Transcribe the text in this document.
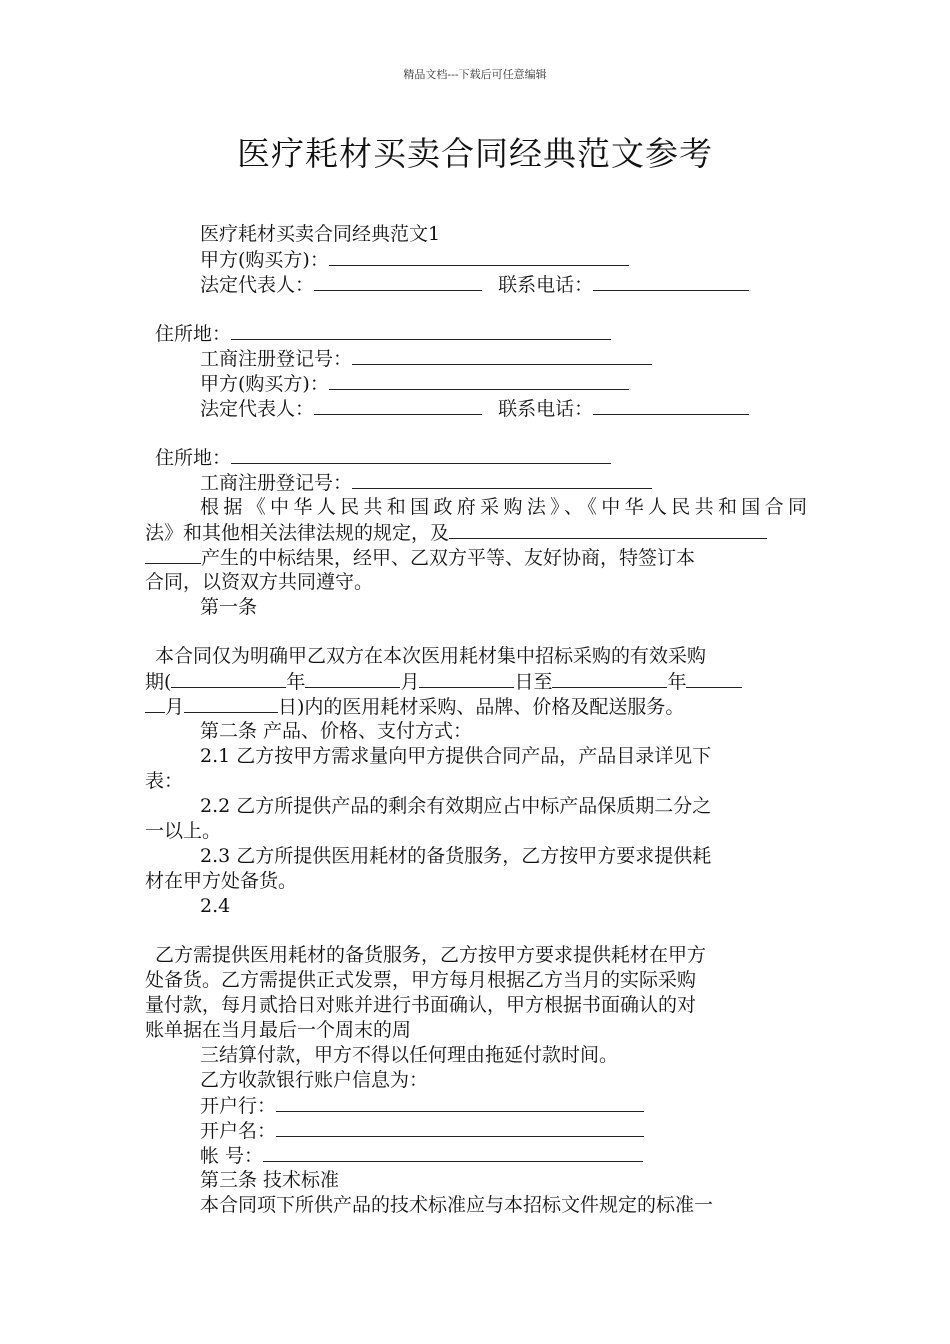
精品文档---下载后可任意编辑
医疗耗材买卖合同经典范文参考
医疗耗材买卖合同经典范文1
甲方(购买方)：
法定代表人：	联系电话：
住所地：
工商注册登记号：
甲方(购买方)：
法定代表人：	联系电话：
住所地：
工商注册登记号：
根据《中华人民共和国政府采购法》、《中华人民共和国合同
法》和其他相关法律法规的规定，及
产生的中标结果，经甲、乙双方平等、友好协商，特签订本
合同，以资双方共同遵守。
第一条
本合同仅为明确甲乙双方在本次医用耗材集中招标采购的有效采购
期(	年	月	日至	年
月	日)内的医用耗材采购、品牌、价格及配送服务。
第二条 产品、价格、支付方式：
2.1 乙方按甲方需求量向甲方提供合同产品，产品目录详见下
表：
2.2 乙方所提供产品的剩余有效期应占中标产品保质期二分之
一以上。
2.3 乙方所提供医用耗材的备货服务，乙方按甲方要求提供耗
材在甲方处备货。
2.4
乙方需提供医用耗材的备货服务，乙方按甲方要求提供耗材在甲方
处备货。乙方需提供正式发票，甲方每月根据乙方当月的实际采购
量付款，每月贰拾日对账并进行书面确认，甲方根据书面确认的对
账单据在当月最后一个周末的周
三结算付款，甲方不得以任何理由拖延付款时间。
乙方收款银行账户信息为：
开户行：
开户名：
帐 号：
第三条 技术标准
本合同项下所供产品的技术标准应与本招标文件规定的标准一
